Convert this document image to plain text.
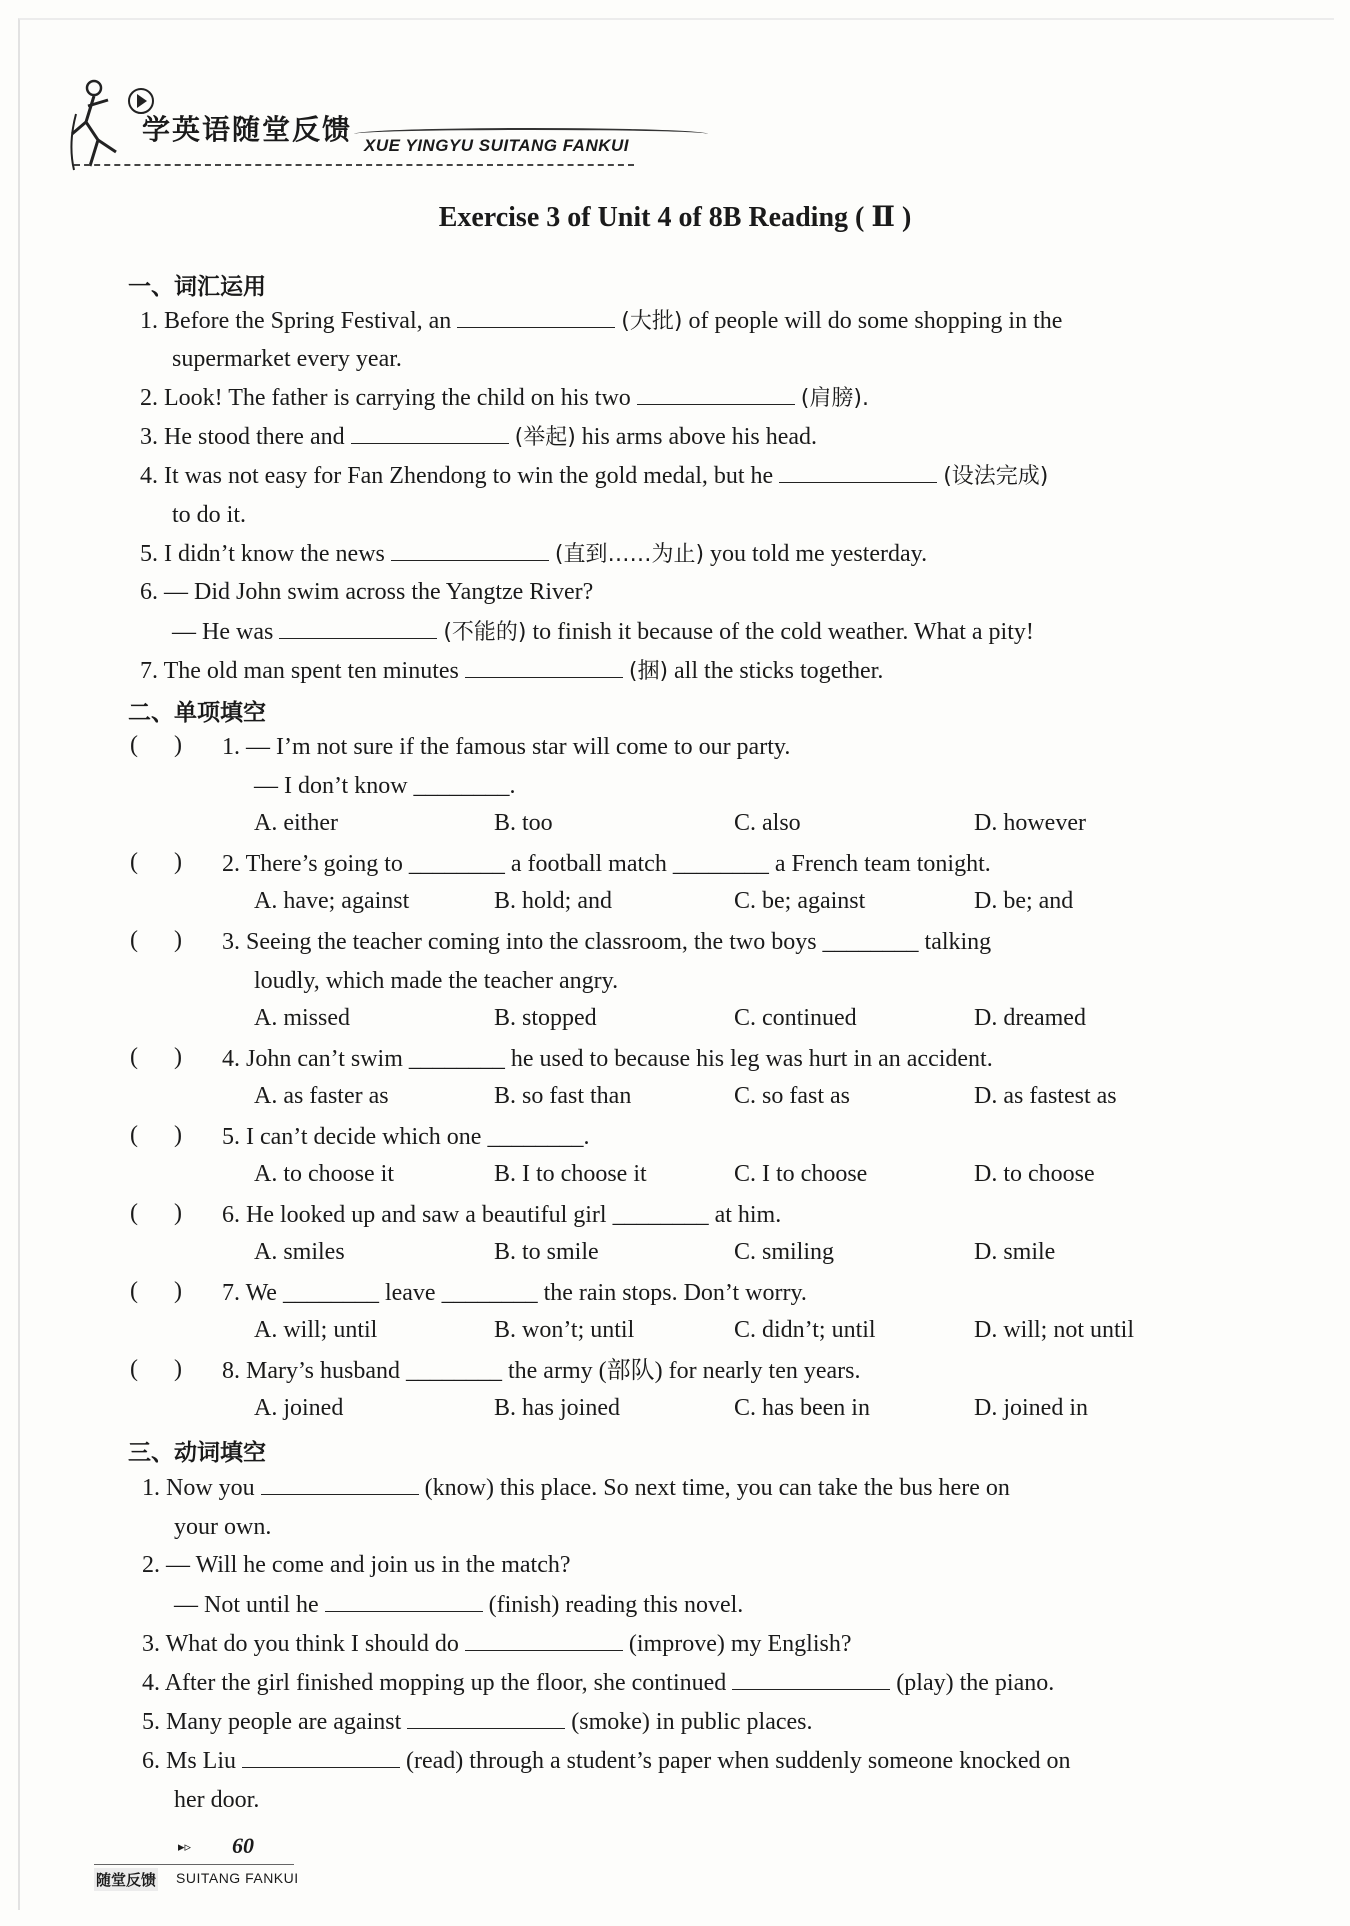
学英语随堂反馈 XUE YINGYU SUITANG FANKUI
Exercise 3 of Unit 4 of 8B Reading ( Ⅱ )
一、词汇运用
1. Before the Spring Festival, an	(大批) of people will do some shopping in the
supermarket every year.
2. Look! The father is carrying the child on his two	(肩膀).
3. He stood there and	(举起) his arms above his head.
4. It was not easy for Fan Zhendong to win the gold medal, but he	(设法完成)
to do it.
5. I didn’t know the news	(直到……为止) you told me yesterday.
6. — Did John swim across the Yangtze River?
— He was	(不能的) to finish it because of the cold weather. What a pity!
7. The old man spent ten minutes	(捆) all the sticks together.
二、单项填空
(      ) 1. — I’m not sure if the famous star will come to our party.
— I don’t know ________.
A. either	B. too	C. also	D. however
(      ) 2. There’s going to ________ a football match ________ a French team tonight.
A. have; against	B. hold; and	C. be; against	D. be; and
(      ) 3. Seeing the teacher coming into the classroom, the two boys ________ talking
loudly, which made the teacher angry.
A. missed	B. stopped	C. continued	D. dreamed
(      ) 4. John can’t swim ________ he used to because his leg was hurt in an accident.
A. as faster as	B. so fast than	C. so fast as	D. as fastest as
(      ) 5. I can’t decide which one ________.
A. to choose it	B. I to choose it	C. I to choose	D. to choose
(      ) 6. He looked up and saw a beautiful girl ________ at him.
A. smiles	B. to smile	C. smiling	D. smile
(      ) 7. We ________ leave ________ the rain stops. Don’t worry.
A. will; until	B. won’t; until	C. didn’t; until	D. will; not until
(      ) 8. Mary’s husband ________ the army (部队) for nearly ten years.
A. joined	B. has joined	C. has been in	D. joined in
三、动词填空
1. Now you	(know) this place. So next time, you can take the bus here on
your own.
2. — Will he come and join us in the match?
— Not until he	(finish) reading this novel.
3. What do you think I should do	(improve) my English?
4. After the girl finished mopping up the floor, she continued	(play) the piano.
5. Many people are against	(smoke) in public places.
6. Ms Liu	(read) through a student’s paper when suddenly someone knocked on
her door.
▸▹ 60
随堂反馈 SUITANG FANKUI
